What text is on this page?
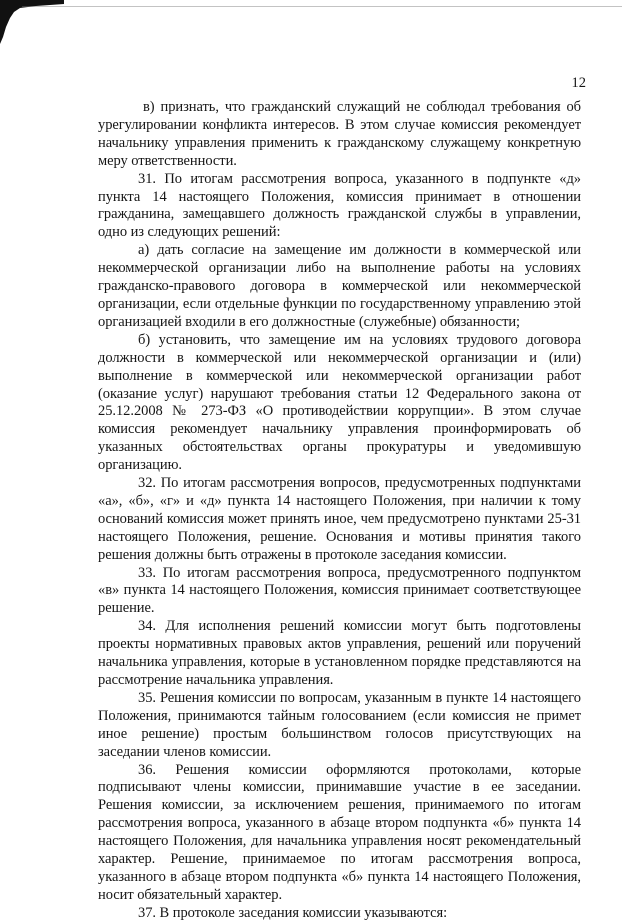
12

в) признать, что гражданский служащий не соблюдал требования об урегулировании конфликта интересов. В этом случае комиссия рекомендует начальнику управления применить к гражданскому служащему конкретную меру ответственности.

31. По итогам рассмотрения вопроса, указанного в подпункте «д» пункта 14 настоящего Положения, комиссия принимает в отношении гражданина, замещавшего должность гражданской службы в управлении, одно из следующих решений:

а) дать согласие на замещение им должности в коммерческой или некоммерческой организации либо на выполнение работы на условиях гражданско-правового договора в коммерческой или некоммерческой организации, если отдельные функции по государственному управлению этой организацией входили в его должностные (служебные) обязанности;

б) установить, что замещение им на условиях трудового договора должности в коммерческой или некоммерческой организации и (или) выполнение в коммерческой или некоммерческой организации работ (оказание услуг) нарушают требования статьи 12 Федерального закона от 25.12.2008 № 273-ФЗ «О противодействии коррупции». В этом случае комиссия рекомендует начальнику управления проинформировать об указанных обстоятельствах органы прокуратуры и уведомившую организацию.

32. По итогам рассмотрения вопросов, предусмотренных подпунктами «а», «б», «г» и «д» пункта 14 настоящего Положения, при наличии к тому оснований комиссия может принять иное, чем предусмотрено пунктами 25-31 настоящего Положения, решение. Основания и мотивы принятия такого решения должны быть отражены в протоколе заседания комиссии.

33. По итогам рассмотрения вопроса, предусмотренного подпунктом «в» пункта 14 настоящего Положения, комиссия принимает соответствующее решение.

34. Для исполнения решений комиссии могут быть подготовлены проекты нормативных правовых актов управления, решений или поручений начальника управления, которые в установленном порядке представляются на рассмотрение начальника управления.

35. Решения комиссии по вопросам, указанным в пункте 14 настоящего Положения, принимаются тайным голосованием (если комиссия не примет иное решение) простым большинством голосов присутствующих на заседании членов комиссии.

36. Решения комиссии оформляются протоколами, которые подписывают члены комиссии, принимавшие участие в ее заседании. Решения комиссии, за исключением решения, принимаемого по итогам рассмотрения вопроса, указанного в абзаце втором подпункта «б» пункта 14 настоящего Положения, для начальника управления носят рекомендательный характер. Решение, принимаемое по итогам рассмотрения вопроса, указанного в абзаце втором подпункта «б» пункта 14 настоящего Положения, носит обязательный характер.

37. В протоколе заседания комиссии указываются:
